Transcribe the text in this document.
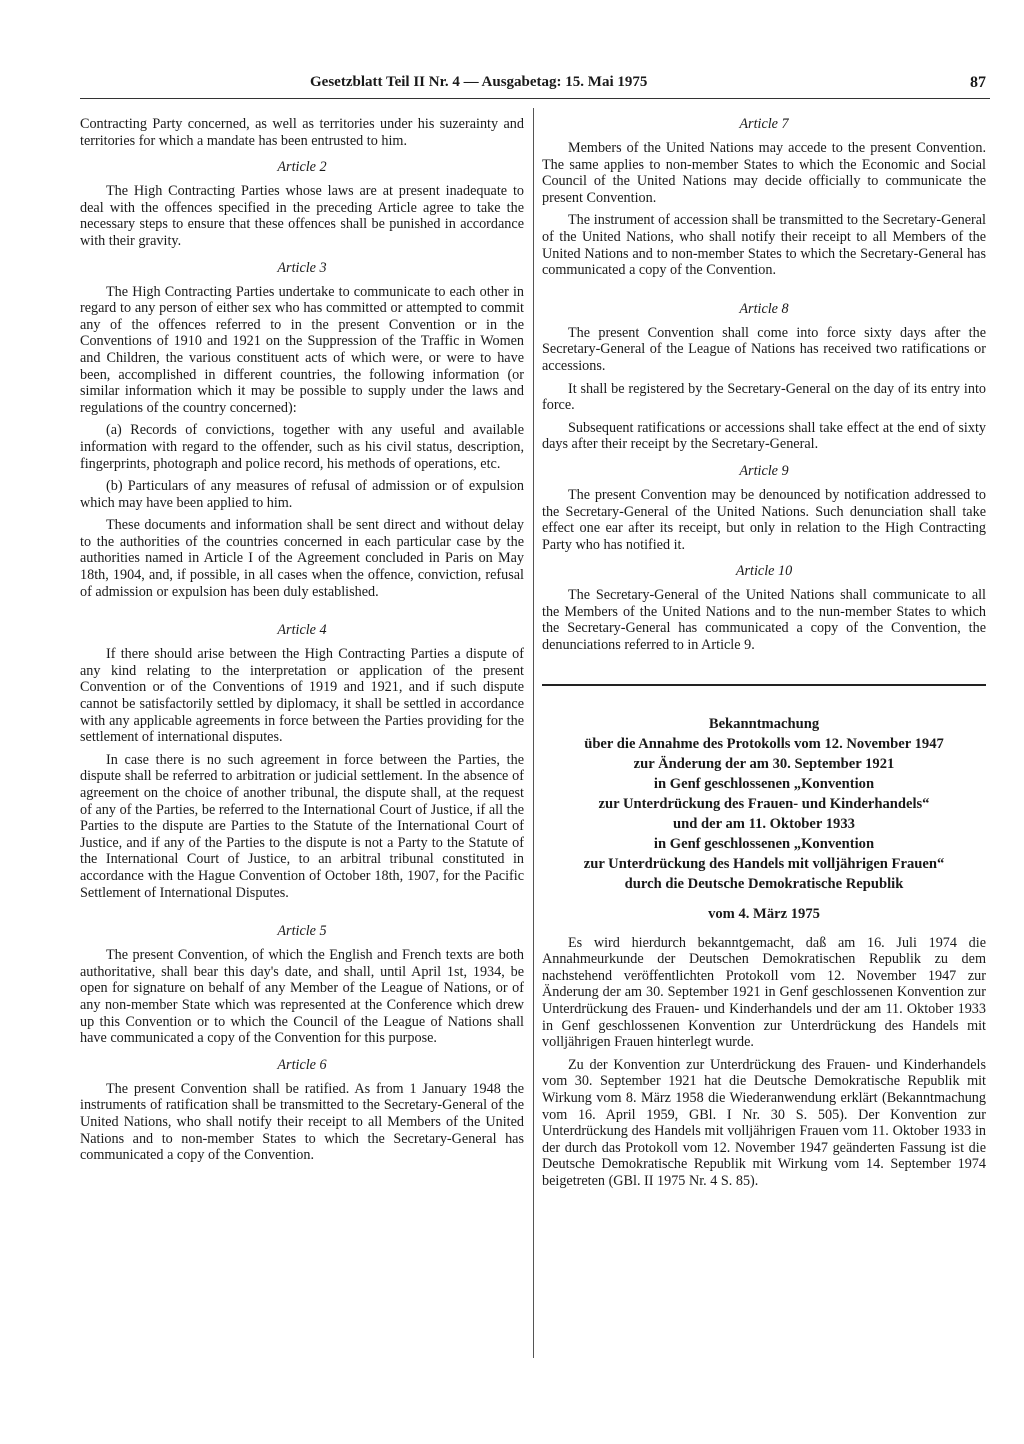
Gesetzblatt Teil II Nr. 4 — Ausgabetag: 15. Mai 1975	87

Contracting Party concerned, as well as territories under his suzerainty and territories for which a mandate has been entrusted to him.

Article 2

The High Contracting Parties whose laws are at present inadequate to deal with the offences specified in the preceding Article agree to take the necessary steps to ensure that these offences shall be punished in accordance with their gravity.

Article 3

The High Contracting Parties undertake to communicate to each other in regard to any person of either sex who has committed or attempted to commit any of the offences referred to in the present Convention or in the Conventions of 1910 and 1921 on the Suppression of the Traffic in Women and Children, the various constituent acts of which were, or were to have been, accomplished in different countries, the following information (or similar information which it may be possible to supply under the laws and regulations of the country concerned):

(a) Records of convictions, together with any useful and available information with regard to the offender, such as his civil status, description, fingerprints, photograph and police record, his methods of operations, etc.

(b) Particulars of any measures of refusal of admission or of expulsion which may have been applied to him.

These documents and information shall be sent direct and without delay to the authorities of the countries concerned in each particular case by the authorities named in Article I of the Agreement concluded in Paris on May 18th, 1904, and, if possible, in all cases when the offence, conviction, refusal of admission or expulsion has been duly established.

Article 4

If there should arise between the High Contracting Parties a dispute of any kind relating to the interpretation or application of the present Convention or of the Conventions of 1919 and 1921, and if such dispute cannot be satisfactorily settled by diplomacy, it shall be settled in accordance with any applicable agreements in force between the Parties providing for the settlement of international disputes.

In case there is no such agreement in force between the Parties, the dispute shall be referred to arbitration or judicial settlement. In the absence of agreement on the choice of another tribunal, the dispute shall, at the request of any of the Parties, be referred to the International Court of Justice, if all the Parties to the dispute are Parties to the Statute of the International Court of Justice, and if any of the Parties to the dispute is not a Party to the Statute of the International Court of Justice, to an arbitral tribunal constituted in accordance with the Hague Convention of October 18th, 1907, for the Pacific Settlement of International Disputes.

Article 5

The present Convention, of which the English and French texts are both authoritative, shall bear this day's date, and shall, until April 1st, 1934, be open for signature on behalf of any Member of the League of Nations, or of any non-member State which was represented at the Conference which drew up this Convention or to which the Council of the League of Nations shall have communicated a copy of the Convention for this purpose.

Article 6

The present Convention shall be ratified. As from 1 January 1948 the instruments of ratification shall be transmitted to the Secretary-General of the United Nations, who shall notify their receipt to all Members of the United Nations and to non-member States to which the Secretary-General has communicated a copy of the Convention.

Article 7

Members of the United Nations may accede to the present Convention. The same applies to non-member States to which the Economic and Social Council of the United Nations may decide officially to communicate the present Convention.

The instrument of accession shall be transmitted to the Secretary-General of the United Nations, who shall notify their receipt to all Members of the United Nations and to non-member States to which the Secretary-General has communicated a copy of the Convention.

Article 8

The present Convention shall come into force sixty days after the Secretary-General of the League of Nations has received two ratifications or accessions.

It shall be registered by the Secretary-General on the day of its entry into force.

Subsequent ratifications or accessions shall take effect at the end of sixty days after their receipt by the Secretary-General.

Article 9

The present Convention may be denounced by notification addressed to the Secretary-General of the United Nations. Such denunciation shall take effect one ear after its receipt, but only in relation to the High Contracting Party who has notified it.

Article 10

The Secretary-General of the United Nations shall communicate to all the Members of the United Nations and to the nun-member States to which the Secretary-General has communicated a copy of the Convention, the denunciations referred to in Article 9.

Bekanntmachung
über die Annahme des Protokolls vom 12. November 1947
zur Änderung der am 30. September 1921
in Genf geschlossenen „Konvention
zur Unterdrückung des Frauen- und Kinderhandels“
und der am 11. Oktober 1933
in Genf geschlossenen „Konvention
zur Unterdrückung des Handels mit volljährigen Frauen“
durch die Deutsche Demokratische Republik
vom 4. März 1975

Es wird hierdurch bekanntgemacht, daß am 16. Juli 1974 die Annahmeurkunde der Deutschen Demokratischen Republik zu dem nachstehend veröffentlichten Protokoll vom 12. November 1947 zur Änderung der am 30. September 1921 in Genf geschlossenen Konvention zur Unterdrückung des Frauen- und Kinderhandels und der am 11. Oktober 1933 in Genf geschlossenen Konvention zur Unterdrückung des Handels mit volljährigen Frauen hinterlegt wurde.

Zu der Konvention zur Unterdrückung des Frauen- und Kinderhandels vom 30. September 1921 hat die Deutsche Demokratische Republik mit Wirkung vom 8. März 1958 die Wiederanwendung erklärt (Bekanntmachung vom 16. April 1959, GBl. I Nr. 30 S. 505). Der Konvention zur Unterdrückung des Handels mit volljährigen Frauen vom 11. Oktober 1933 in der durch das Protokoll vom 12. November 1947 geänderten Fassung ist die Deutsche Demokratische Republik mit Wirkung vom 14. September 1974 beigetreten (GBl. II 1975 Nr. 4 S. 85).
